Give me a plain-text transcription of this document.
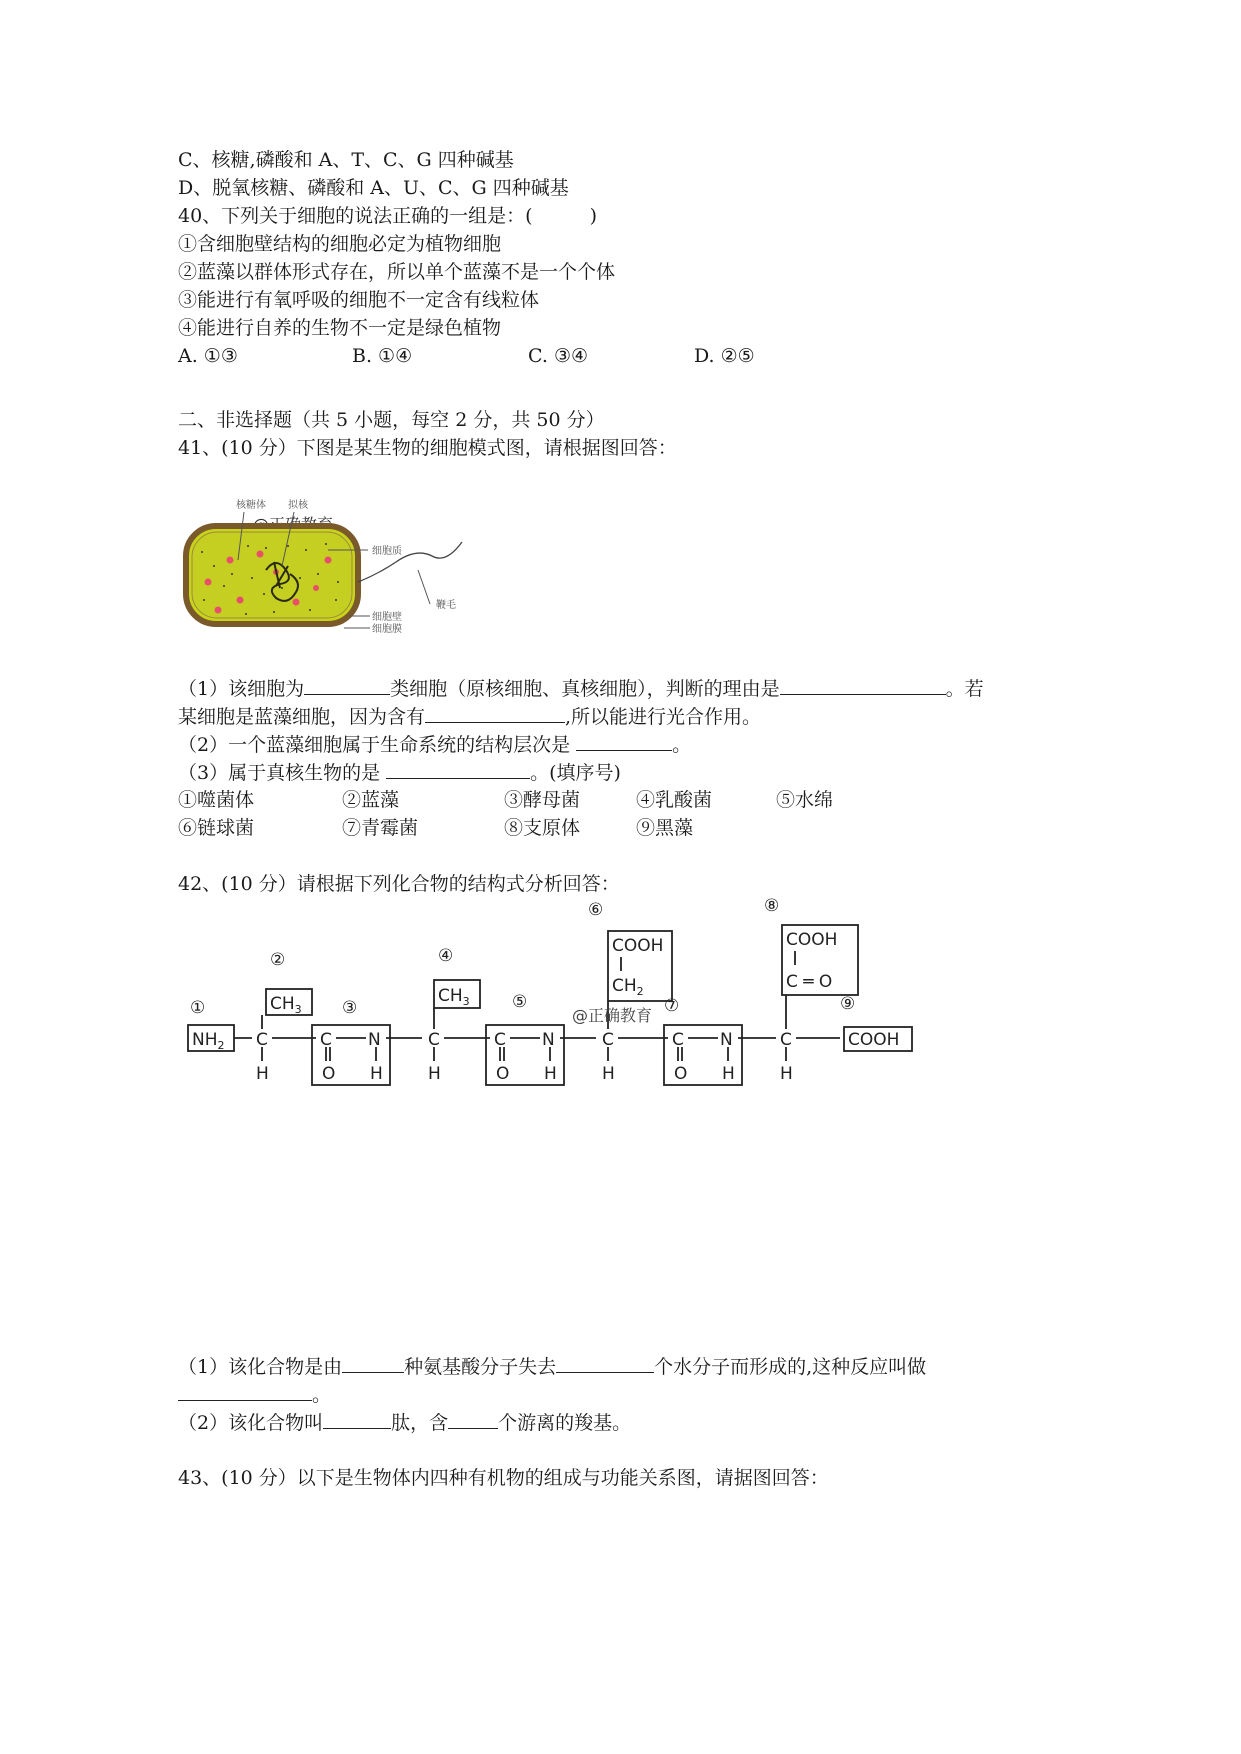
C、核糖,磷酸和 A、T、C、G 四种碱基
D、脱氧核糖、磷酸和 A、U、C、G 四种碱基
40、下列关于细胞的说法正确的一组是：(　　　)
①含细胞壁结构的细胞必定为植物细胞
②蓝藻以群体形式存在，所以单个蓝藻不是一个个体
③能进行有氧呼吸的细胞不一定含有线粒体
④能进行自养的生物不一定是绿色植物
A. ①③	B. ①④	C. ③④	D. ②⑤
二、非选择题（共 5 小题，每空 2 分，共 50 分）
41、(10 分）下图是某生物的细胞模式图，请根据图回答：
核糖体 拟核
细胞质
细胞壁
细胞膜
鞭毛
（1）该细胞为	类细胞（原核细胞、真核细胞），判断的理由是	。若
某细胞是蓝藻细胞，因为含有	,所以能进行光合作用。
（2）一个蓝藻细胞属于生命系统的结构层次是	。
（3）属于真核生物的是	。(填序号)
①噬菌体	②蓝藻	③酵母菌	④乳酸菌	⑤水绵
⑥链球菌	⑦青霉菌	⑧支原体	⑨黑藻
42、(10 分）请根据下列化合物的结构式分析回答：
①
②
③
④
⑤
⑥
⑦
⑧
⑨
$NH_2$
$CH_3$
$CH_3$
COOH
$CH_2$
COOH
C ═ O
COOH
C	C	C	C
C N	C N	C N
H	O H	H	O H	H	O H	H
@正确教育
（1）该化合物是由	种氨基酸分子失去	个水分子而形成的,这种反应叫做
。
（2）该化合物叫	肽，含	个游离的羧基。
43、(10 分）以下是生物体内四种有机物的组成与功能关系图，请据图回答：
